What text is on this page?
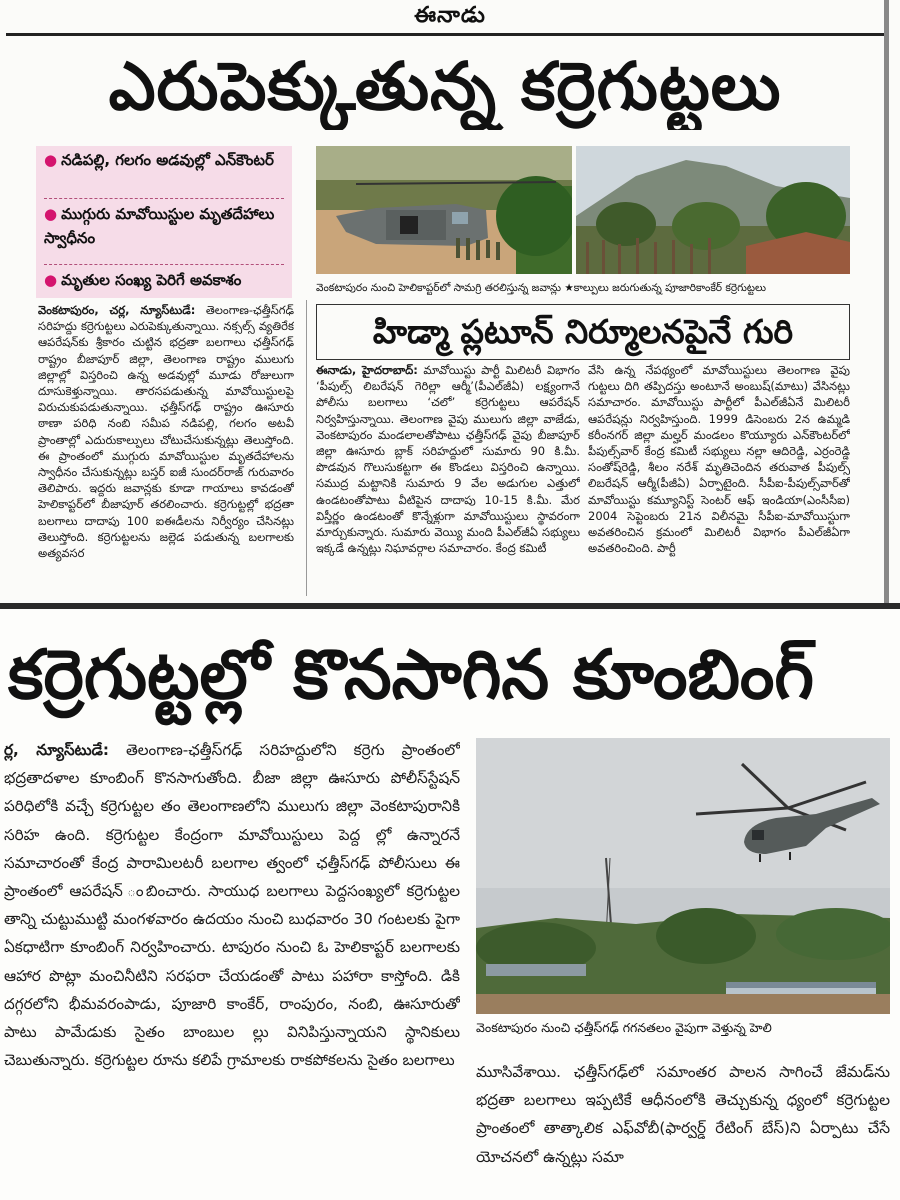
ఈనాడు
ఎరుపెక్కుతున్న కర్రెగుట్టలు
● నడిపల్లి, గలగం అడవుల్లో ఎన్‌కౌంటర్
● ముగ్గురు మావోయిస్టుల మృతదేహాలు స్వాధీనం
● మృతుల సంఖ్య పెరిగే అవకాశం	వెంకటాపురం నుంచి హెలికాప్టర్‌లో సామగ్రి తరలిస్తున్న జవాన్లు ★కాల్పులు జరుగుతున్న పూజారికాంకేర్ కర్రెగుట్టలు
హిడ్మా ప్లటూన్ నిర్మూలనపైనే గురి
వెంకటాపురం, చర్ల, న్యూస్‌టుడే: తెలంగాణ-ఛత్తీస్‌గఢ్ సరిహద్దు కర్రెగుట్టలు ఎరుపెక్కుతున్నాయి. నక్సల్స్ వ్యతిరేక ఆపరేషన్‌కు శ్రీకారం చుట్టిన భద్రతా బలగాలు ఛత్తీస్‌గఢ్ రాష్ట్రం బీజాపూర్ జిల్లా, తెలంగాణ రాష్ట్రం ములుగు జిల్లాల్లో విస్తరించి ఉన్న అడవుల్లో మూడు రోజులుగా దూసుకెళ్తున్నాయి. తారసపడుతున్న మావోయిస్టులపై విరుచుకుపడుతున్నాయి. ఛత్తీస్‌గఢ్ రాష్ట్రం ఊసూరు ఠాణా పరిధి నంబి సమీప నడిపల్లి, గలగం అటవీ ప్రాంతాల్లో ఎదురుకాల్పులు చోటుచేసుకున్నట్లు తెలుస్తోంది. ఈ ప్రాంతంలో ముగ్గురు మావోయిస్టుల మృతదేహాలను స్వాధీనం చేసుకున్నట్లు బస్తర్ ఐజీ సుందర్‌రాజ్ గురువారం తెలిపారు. ఇద్దరు జవాన్లకు కూడా గాయాలు కావడంతో హెలికాప్టర్‌లో బీజాపూర్ తరలించారు. కర్రెగుట్టల్లో భద్రతా బలగాలు దాదాపు 100 ఐఈడీలను నిర్వీర్యం చేసినట్లు తెలుస్తోంది. కర్రెగుట్టలను జల్లెడ పడుతున్న బలగాలకు అత్యవసర
ఈనాడు, హైదరాబాద్: మావోయిస్టు పార్టీ మిలిటరీ విభాగం ‘పీపుల్స్ లిబరేషన్ గెరిల్లా ఆర్మీ’(పీఎల్‌జీఏ) లక్ష్యంగానే పోలీసు బలగాలు ‘చలో’ కర్రెగుట్టలు ఆపరేషన్ నిర్వహిస్తున్నాయి. తెలంగాణ వైపు ములుగు జిల్లా వాజేడు, వెంకటాపురం మండలాలతోపాటు ఛత్తీస్‌గఢ్ వైపు బీజాపూర్ జిల్లా ఊసూరు బ్లాక్ సరిహద్దులో సుమారు 90 కి.మీ. పొడవున గొలుసుకట్టగా ఈ కొండలు విస్తరించి ఉన్నాయి. సముద్ర మట్టానికి సుమారు 9 వేల అడుగుల ఎత్తులో ఉండటంతోపాటు వీటిపైన దాదాపు 10-15 కి.మీ. మేర విస్తీర్ణం ఉండటంతో కొన్నేళ్లుగా మావోయిస్టులు స్థావరంగా మార్చుకున్నారు. సుమారు వెయ్యి మంది పీఎల్‌జీఏ సభ్యులు ఇక్కడే ఉన్నట్లు నిఘావర్గాల సమాచారం. కేంద్ర కమిటీ
వేసి ఉన్న నేపథ్యంలో మావోయిస్టులు తెలంగాణ వైపు గుట్టలు దిగి తప్పిదస్తు అంటూనే అంబుష్‌(మాటు) వేసినట్లు సమాచారం. మావోయిస్టు పార్టీలో పీఎల్‌జీఏనే మిలిటరీ ఆపరేషన్లు నిర్వహిస్తుంది. 1999 డిసెంబరు 2న ఉమ్మడి కరీంనగర్ జిల్లా మల్హర్ మండలం కొయ్యూరు ఎన్‌కౌంటర్‌లో పీపుల్స్‌వార్ కేంద్ర కమిటీ సభ్యులు నల్లా ఆదిరెడ్డి, ఎర్రంరెడ్డి సంతోష్‌రెడ్డి, శీలం నరేశ్ మృతిచెందిన తరువాత పీపుల్స్ లిబరేషన్ ఆర్మీ(పీజీఏ) ఏర్పాటైంది. సీపీఐ-పీపుల్స్‌వార్‌తో మావోయిస్టు కమ్యూనిస్ట్ సెంటర్ ఆఫ్ ఇండియా(ఎంసీసీఐ) 2004 సెప్టెంబరు 21న విలీనమై సీపీఐ-మావోయిస్టుగా అవతరించిన క్రమంలో మిలిటరీ విభాగం పీఎల్‌జీఏగా అవతరించింది. పార్టీ
కర్రెగుట్టల్లో కొనసాగిన కూంబింగ్
ర్ల, న్యూస్‌టుడే: తెలంగాణ-ఛత్తీస్‌గఢ్ సరిహద్దులోని కర్రెగు ప్రాంతంలో భద్రతాదళాల కూంబింగ్ కొనసాగుతోంది. బీజా జిల్లా ఊసూరు పోలీస్‌స్టేషన్ పరిధిలోకి వచ్చే కర్రెగుట్టల తం తెలంగాణలోని ములుగు జిల్లా వెంకటాపురానికి సరిహ ఉంది. కర్రెగుట్టల కేంద్రంగా మావోయిస్టులు పెద్ద ల్లో ఉన్నారనే సమాచారంతో కేంద్ర పారామిలటరీ బలగాల త్వంలో ఛత్తీస్‌గఢ్ పోలీసులు ఈ ప్రాంతంలో ఆపరేషన్ ంబించారు. సాయుధ బలగాలు పెద్దసంఖ్యలో కర్రెగుట్టల తాన్ని చుట్టుముట్టి మంగళవారం ఉదయం నుంచి బుధవారం 30 గంటలకు పైగా ఏకధాటిగా కూంబింగ్ నిర్వహించారు. టాపురం నుంచి ఓ హెలికాప్టర్ బలగాలకు ఆహార పొట్లా మంచినీటిని సరఫరా చేయడంతో పాటు పహారా కాస్తోంది. డికి దగ్గరలోని భీమవరంపాడు, పూజారి కాంకేర్, రాంపురం, నంబి, ఊసూరుతో పాటు పామేడుకు సైతం బాంబుల ల్లు వినిపిస్తున్నాయని స్థానికులు చెబుతున్నారు. కర్రెగుట్టల రూను కలిపే గ్రామాలకు రాకపోకలను సైతం బలగాలు
వెంకటాపురం నుంచి ఛత్తీస్‌గఢ్ గగనతలం వైపుగా వెళ్తున్న హెలి
మూసివేశాయి. ఛత్తీస్‌గఢ్‌లో సమాంతర పాలన సాగించే జేమడ్‌ను భద్రతా బలగాలు ఇప్పటికే ఆధీనంలోకి తెచ్చుకున్న ధ్యంలో కర్రెగుట్టల ప్రాంతంలో తాత్కాలిక ఎఫ్‌వోబీ(ఫార్వర్డ్ రేటింగ్ బేస్)ని ఏర్పాటు చేసే యోచనలో ఉన్నట్లు సమా
